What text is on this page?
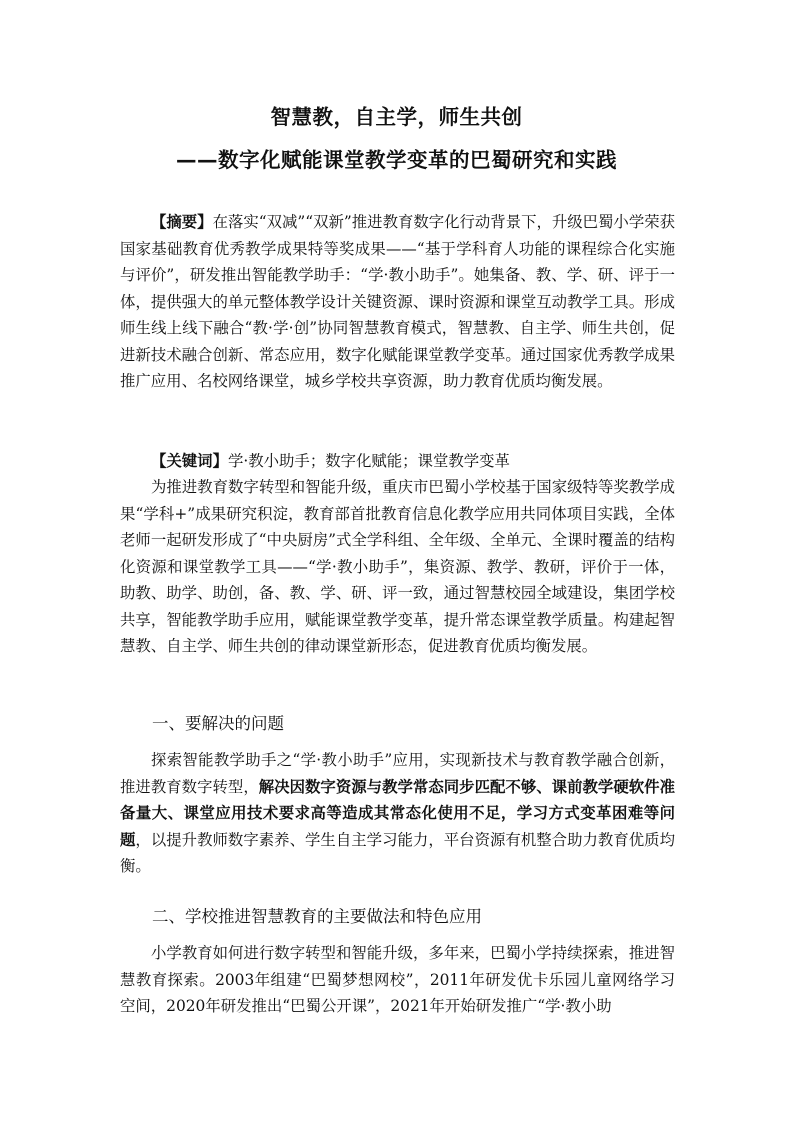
智慧教，自主学，师生共创
——数字化赋能课堂教学变革的巴蜀研究和实践
【摘要】在落实“双减”“双新”推进教育数字化行动背景下，升级巴蜀小学荣获国家基础教育优秀教学成果特等奖成果——“基于学科育人功能的课程综合化实施与评价”，研发推出智能教学助手：“学·教小助手”。她集备、教、学、研、评于一体，提供强大的单元整体教学设计关键资源、课时资源和课堂互动教学工具。形成师生线上线下融合“教·学·创”协同智慧教育模式，智慧教、自主学、师生共创，促进新技术融合创新、常态应用，数字化赋能课堂教学变革。通过国家优秀教学成果推广应用、名校网络课堂，城乡学校共享资源，助力教育优质均衡发展。
【关键词】学·教小助手；数字化赋能；课堂教学变革
为推进教育数字转型和智能升级，重庆市巴蜀小学校基于国家级特等奖教学成果“学科+”成果研究积淀，教育部首批教育信息化教学应用共同体项目实践，全体老师一起研发形成了“中央厨房”式全学科组、全年级、全单元、全课时覆盖的结构化资源和课堂教学工具——“学·教小助手”，集资源、教学、教研，评价于一体，助教、助学、助创，备、教、学、研、评一致，通过智慧校园全域建设，集团学校共享，智能教学助手应用，赋能课堂教学变革，提升常态课堂教学质量。构建起智慧教、自主学、师生共创的律动课堂新形态，促进教育优质均衡发展。
一、要解决的问题
探索智能教学助手之“学·教小助手”应用，实现新技术与教育教学融合创新，推进教育数字转型，解决因数字资源与教学常态同步匹配不够、课前教学硬软件准备量大、课堂应用技术要求高等造成其常态化使用不足，学习方式变革困难等问题，以提升教师数字素养、学生自主学习能力，平台资源有机整合助力教育优质均衡。
二、学校推进智慧教育的主要做法和特色应用
小学教育如何进行数字转型和智能升级，多年来，巴蜀小学持续探索，推进智慧教育探索。2003年组建“巴蜀梦想网校”，2011年研发优卡乐园儿童网络学习空间，2020年研发推出“巴蜀公开课”，2021年开始研发推广“学·教小助
